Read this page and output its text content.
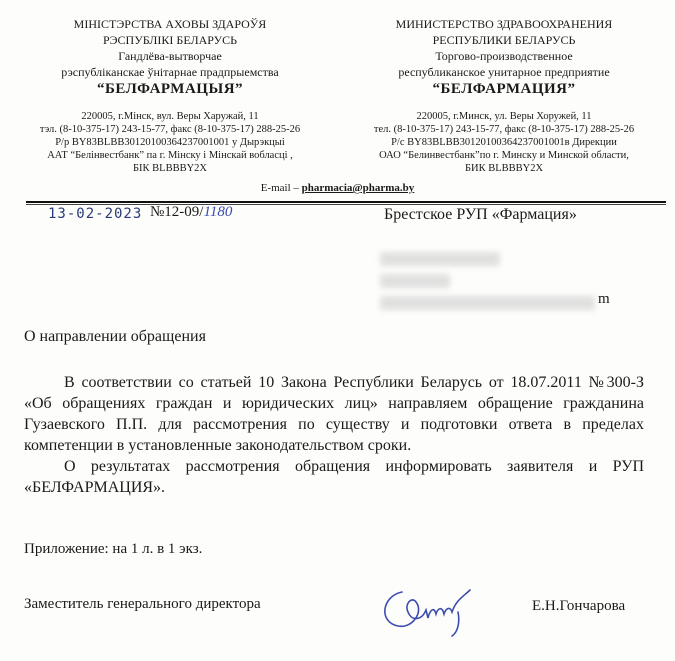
МІНІСТЭРСТВА АХОВЫ ЗДАРОЎЯ
РЭСПУБЛІКІ БЕЛАРУСЬ
Гандлёва-вытворчае
рэспубліканскае ўнітарнае прадпрыемства
“БЕЛФАРМАЦЫЯ”
220005, г.Мінск, вул. Веры Харужай, 11
тэл. (8-10-375-17) 243-15-77, факс (8-10-375-17) 288-25-26
Р/р BY83BLBB30120100364237001001 у Дырэкцыі
ААТ “Белінвестбанк” па г. Мінску і Мінскай вобласці ,
БІК BLBBBY2X
МИНИСТЕРСТВО ЗДРАВООХРАНЕНИЯ
РЕСПУБЛИКИ БЕЛАРУСЬ
Торгово-производственное
республиканское унитарное предприятие
“БЕЛФАРМАЦИЯ”
220005, г.Минск, ул. Веры Хоружей, 11
тел. (8-10-375-17) 243-15-77, факс (8-10-375-17) 288-25-26
Р/с BY83BLBB30120100364237001001в Дирекции
ОАО “Белинвестбанк”по г. Минску и Минской области,
БИК BLBBBY2X
E-mail – pharmacia@pharma.by
13-02-2023 №12-09/1180	Брестское РУП «Фармация»
m
О направлении обращения

В соответствии со статьей 10 Закона Республики Беларусь от 18.07.2011 №300-З «Об обращениях граждан и юридических лиц» направляем обращение гражданина Гузаевского П.П. для рассмотрения по существу и подготовки ответа в пределах компетенции в установленные законодательством сроки.

О результатах рассмотрения обращения информировать заявителя и РУП «БЕЛФАРМАЦИЯ».

Приложение: на 1 л. в 1 экз.
Заместитель генерального директора	Е.Н.Гончарова
